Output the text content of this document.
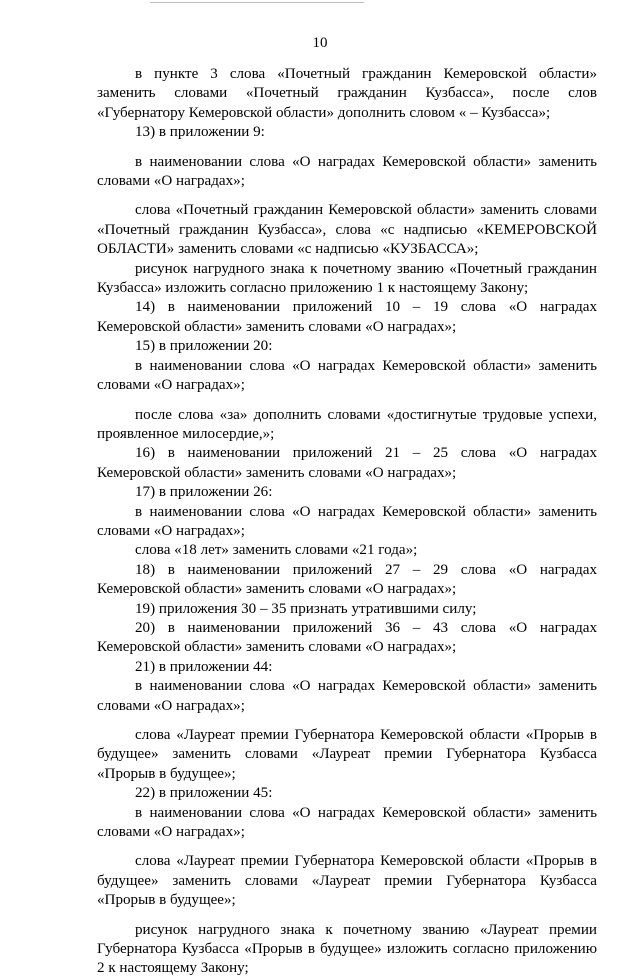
10

в пункте 3 слова «Почетный гражданин Кемеровской области» заменить словами «Почетный гражданин Кузбасса», после слов «Губернатору Кемеровской области» дополнить словом « – Кузбасса»;

13) в приложении 9:

в наименовании слова «О наградах Кемеровской области» заменить словами «О наградах»;

слова «Почетный гражданин Кемеровской области» заменить словами «Почетный гражданин Кузбасса», слова «с надписью «КЕМЕРОВСКОЙ ОБЛАСТИ» заменить словами «с надписью «КУЗБАССА»;

рисунок нагрудного знака к почетному званию «Почетный гражданин Кузбасса» изложить согласно приложению 1 к настоящему Закону;

14) в наименовании приложений 10 – 19 слова «О наградах Кемеровской области» заменить словами «О наградах»;

15) в приложении 20:

в наименовании слова «О наградах Кемеровской области» заменить словами «О наградах»;

после слова «за» дополнить словами «достигнутые трудовые успехи, проявленное милосердие,»;

16) в наименовании приложений 21 – 25 слова «О наградах Кемеровской области» заменить словами «О наградах»;

17) в приложении 26:

в наименовании слова «О наградах Кемеровской области» заменить словами «О наградах»;

слова «18 лет» заменить словами «21 года»;

18) в наименовании приложений 27 – 29 слова «О наградах Кемеровской области» заменить словами «О наградах»;

19) приложения 30 – 35 признать утратившими силу;

20) в наименовании приложений 36 – 43 слова «О наградах Кемеровской области» заменить словами «О наградах»;

21) в приложении 44:

в наименовании слова «О наградах Кемеровской области» заменить словами «О наградах»;

слова «Лауреат премии Губернатора Кемеровской области «Прорыв в будущее» заменить словами «Лауреат премии Губернатора Кузбасса «Прорыв в будущее»;

22) в приложении 45:

в наименовании слова «О наградах Кемеровской области» заменить словами «О наградах»;

слова «Лауреат премии Губернатора Кемеровской области «Прорыв в будущее» заменить словами «Лауреат премии Губернатора Кузбасса «Прорыв в будущее»;

рисунок нагрудного знака к почетному званию «Лауреат премии Губернатора Кузбасса «Прорыв в будущее» изложить согласно приложению 2 к настоящему Закону;
